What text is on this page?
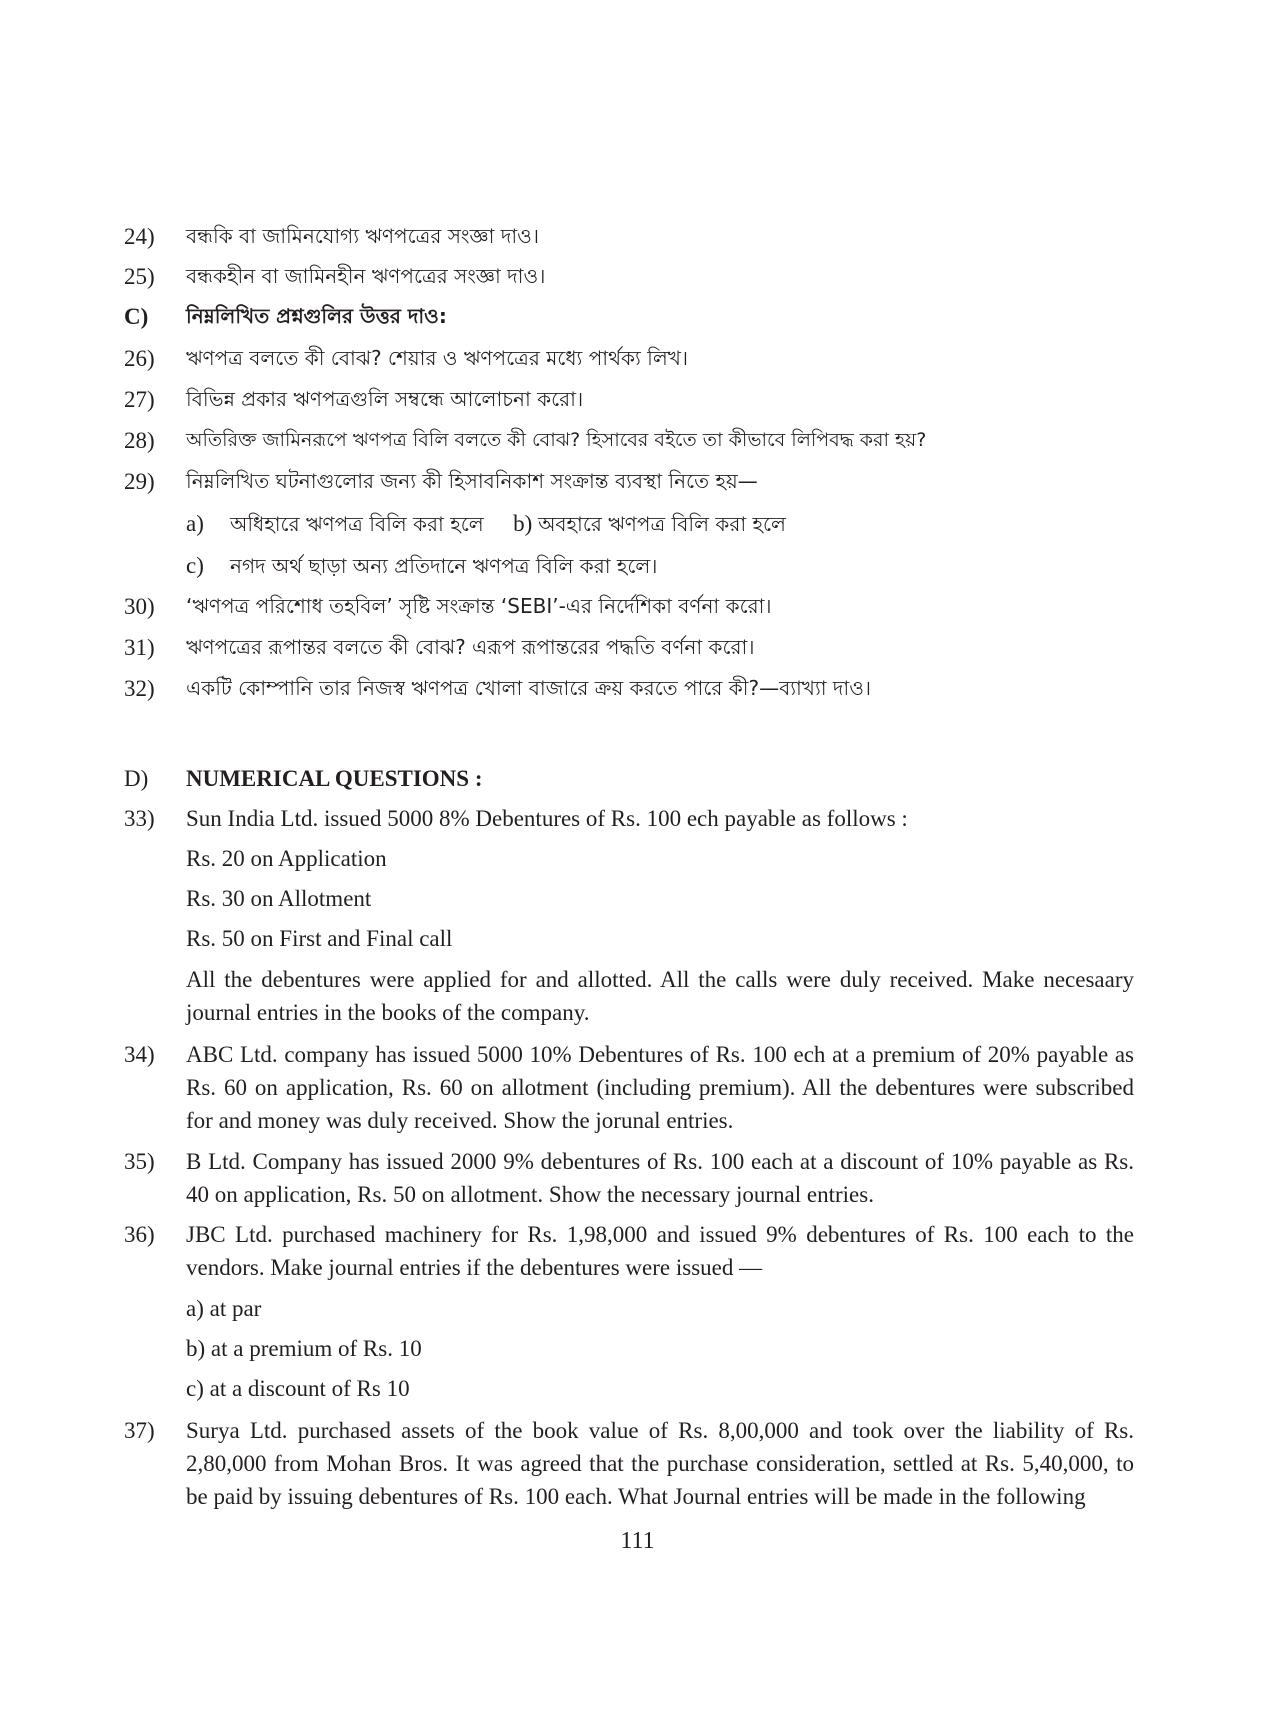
24)	বন্ধকি বা জামিনযোগ্য ঋণপত্রের সংজ্ঞা দাও।
25)	বন্ধকহীন বা জামিনহীন ঋণপত্রের সংজ্ঞা দাও।
C)	নিম্নলিখিত প্রশ্নগুলির উত্তর দাও:
26)	ঋণপত্র বলতে কী বোঝ? শেয়ার ও ঋণপত্রের মধ্যে পার্থক্য লিখ।
27)	বিভিন্ন প্রকার ঋণপত্রগুলি সম্বন্ধে আলোচনা করো।
28)	অতিরিক্ত জামিনরূপে ঋণপত্র বিলি বলতে কী বোঝ? হিসাবের বইতে তা কীভাবে লিপিবদ্ধ করা হয়?
29)	নিম্নলিখিত ঘটনাগুলোর জন্য কী হিসাবনিকাশ সংক্রান্ত ব্যবস্থা নিতে হয়—
a) অধিহারে ঋণপত্র বিলি করা হলে b) অবহারে ঋণপত্র বিলি করা হলে
c) নগদ অর্থ ছাড়া অন্য প্রতিদানে ঋণপত্র বিলি করা হলে।
30)	‘ঋণপত্র পরিশোধ তহবিল’ সৃষ্টি সংক্রান্ত ‘SEBI’-এর নির্দেশিকা বর্ণনা করো।
31)	ঋণপত্রের রূপান্তর বলতে কী বোঝ? এরূপ রূপান্তরের পদ্ধতি বর্ণনা করো।
32)	একটি কোম্পানি তার নিজস্ব ঋণপত্র খোলা বাজারে ক্রয় করতে পারে কী?—ব্যাখ্যা দাও।
D)	NUMERICAL QUESTIONS :
33)	Sun India Ltd. issued 5000 8% Debentures of Rs. 100 ech payable as follows :
Rs. 20 on Application
Rs. 30 on Allotment
Rs. 50 on First and Final call
All the debentures were applied for and allotted. All the calls were duly received. Make necesaary journal entries in the books of the company.
34)	ABC Ltd. company has issued 5000 10% Debentures of Rs. 100 ech at a premium of 20% payable as Rs. 60 on application, Rs. 60 on allotment (including premium). All the debentures were subscribed for and money was duly received. Show the jorunal entries.
35)	B Ltd. Company has issued 2000 9% debentures of Rs. 100 each at a discount of 10% payable as Rs. 40 on application, Rs. 50 on allotment. Show the necessary journal entries.
36)	JBC Ltd. purchased machinery for Rs. 1,98,000 and issued 9% debentures of Rs. 100 each to the vendors. Make journal entries if the debentures were issued —
a) at par
b) at a premium of Rs. 10
c) at a discount of Rs 10
37)	Surya Ltd. purchased assets of the book value of Rs. 8,00,000 and took over the liability of Rs. 2,80,000 from Mohan Bros. It was agreed that the purchase consideration, settled at Rs. 5,40,000, to be paid by issuing debentures of Rs. 100 each. What Journal entries will be made in the following
111
